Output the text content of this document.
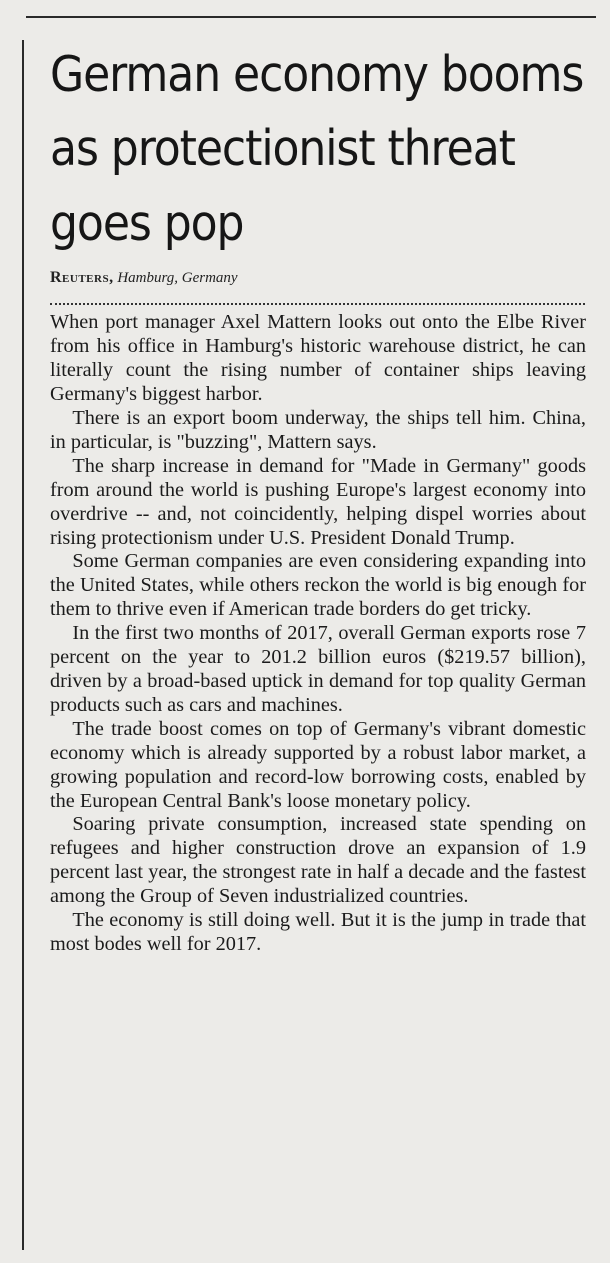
German economy booms as protectionist threat goes pop
Reuters, Hamburg, Germany

When port manager Axel Mattern looks out onto the Elbe River from his office in Hamburg's historic warehouse district, he can literally count the rising number of container ships leaving Germany's biggest harbor.

There is an export boom underway, the ships tell him. China, in particular, is "buzzing", Mattern says.

The sharp increase in demand for "Made in Germany" goods from around the world is pushing Europe's largest economy into overdrive -- and, not coincidently, helping dispel worries about rising protectionism under U.S. President Donald Trump.

Some German companies are even considering expanding into the United States, while others reckon the world is big enough for them to thrive even if American trade borders do get tricky.

In the first two months of 2017, overall German exports rose 7 percent on the year to 201.2 billion euros ($219.57 billion), driven by a broad-based uptick in demand for top quality German products such as cars and machines.

The trade boost comes on top of Germany's vibrant domestic economy which is already supported by a robust labor market, a growing population and record-low borrowing costs, enabled by the European Central Bank's loose monetary policy.

Soaring private consumption, increased state spending on refugees and higher construction drove an expansion of 1.9 percent last year, the strongest rate in half a decade and the fastest among the Group of Seven industrialized countries.

The economy is still doing well. But it is the jump in trade that most bodes well for 2017.
